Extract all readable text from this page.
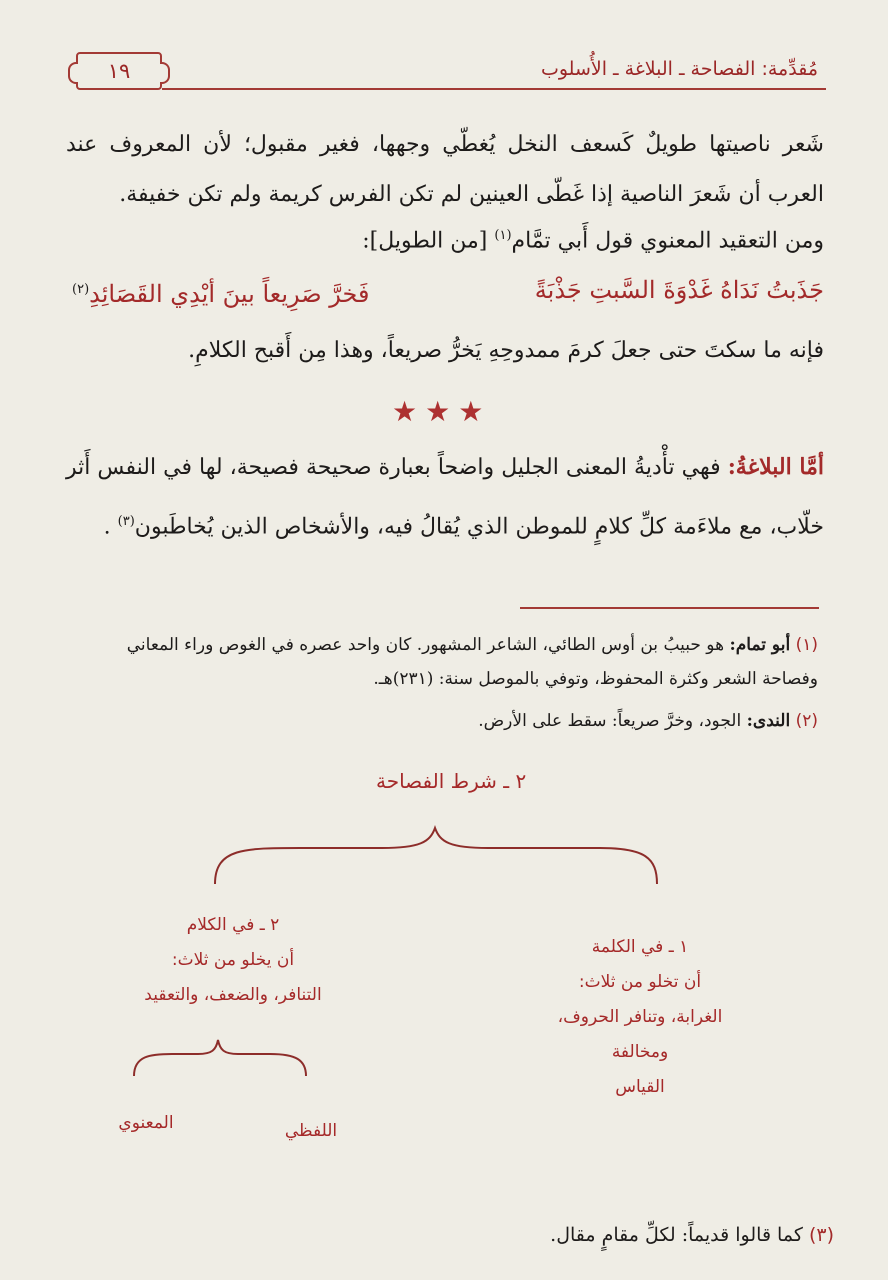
١٩	مُقدِّمة: الفصاحة ـ البلاغة ـ الأُسلوب
شَعر ناصيتها طويلٌ كَسعف النخل يُغطّي وجهها، فغير مقبول؛ لأن المعروف عند العرب أن شَعرَ الناصية إذا غَطّى العينين لم تكن الفرس كريمة ولم تكن خفيفة.
ومن التعقيد المعنوي قول أَبي تمَّام$^{(١)}$ [من الطويل]:
جَذَبتُ نَدَاهُ غَدْوَةَ السَّبتِ جَذْبَةً
فَخرَّ صَرِيعاً بينَ أيْدِي القَصَائِدِ$^{(٢)}$
فإنه ما سكتَ حتى جعلَ كرمَ ممدوحِهِ يَخرُّ صريعاً، وهذا مِن أَقبح الكلامِ.
★★★
أمَّا البلاغةُ: فهي تأْديةُ المعنى الجليل واضحاً بعبارة صحيحة فصيحة، لها في النفس أَثر خلّاب، مع ملاءَمة كلِّ كلامٍ للموطن الذي يُقالُ فيه، والأشخاص الذين يُخاطَبون$^{(٣)}$ .
(١) أبو تمام: هو حبيبُ بن أوس الطائي، الشاعر المشهور. كان واحد عصره في الغوص وراء المعاني وفصاحة الشعر وكثرة المحفوظ، وتوفي بالموصل سنة: (٢٣١)هـ.
(٢) الندى: الجود، وخرَّ صريعاً: سقط على الأرض.
٢ ـ شرط الفصاحة
١ ـ في الكلمة
أن تخلو من ثلاث:
الغرابة، وتنافر الحروف، ومخالفة
القياس
٢ ـ في الكلام
أن يخلو من ثلاث:
التنافر، والضعف، والتعقيد
اللفظي
المعنوي
(٣) كما قالوا قديماً: لكلِّ مقامٍ مقال.
